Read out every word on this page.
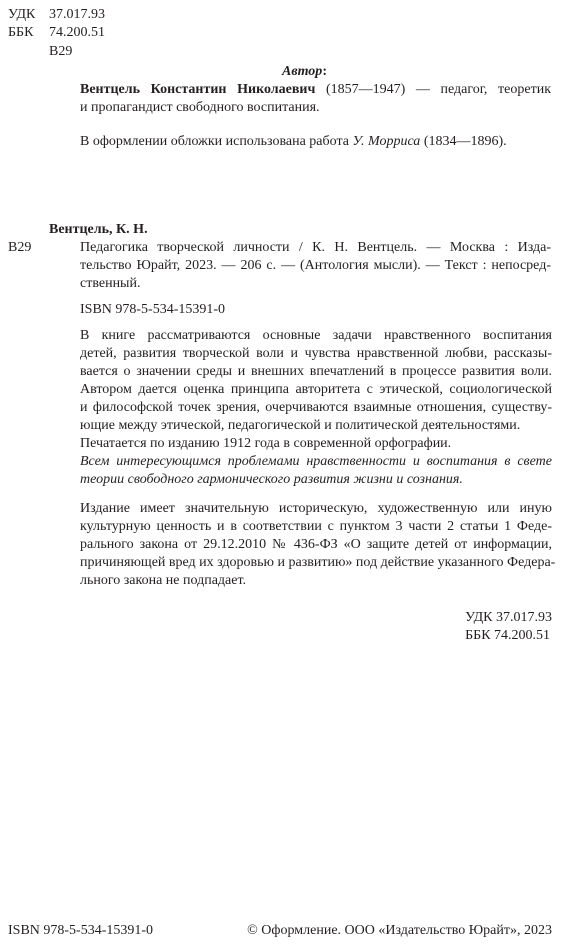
УДК 37.017.93
ББК 74.200.51
В29
Автор:
Вентцель Константин Николаевич (1857—1947) — педагог, теоретик
и пропагандист свободного воспитания.
В оформлении обложки использована работа У. Морриса (1834—1896).
Вентцель, К. Н.
В29	Педагогика творческой личности / К. Н. Вентцель. — Москва : Изда-
тельство Юрайт, 2023. — 206 с. — (Антология мысли). — Текст : непосред-
ственный.
ISBN 978-5-534-15391-0
В книге рассматриваются основные задачи нравственного воспитания
детей, развития творческой воли и чувства нравственной любви, рассказы-
вается о значении среды и внешних впечатлений в процессе развития воли.
Автором дается оценка принципа авторитета с этической, социологической
и философской точек зрения, очерчиваются взаимные отношения, существу-
ющие между этической, педагогической и политической деятельностями.
Печатается по изданию 1912 года в современной орфографии.
Всем интересующимся проблемами нравственности и воспитания в свете
теории свободного гармонического развития жизни и сознания.
Издание имеет значительную историческую, художественную или иную
культурную ценность и в соответствии с пунктом 3 части 2 статьи 1 Феде-
рального закона от 29.12.2010 № 436-ФЗ «О защите детей от информации,
причиняющей вред их здоровью и развитию» под действие указанного Федера-
льного закона не подпадает.
УДК 37.017.93
ББК 74.200.51
ISBN 978-5-534-15391-0	© Оформление. ООО «Издательство Юрайт», 2023
